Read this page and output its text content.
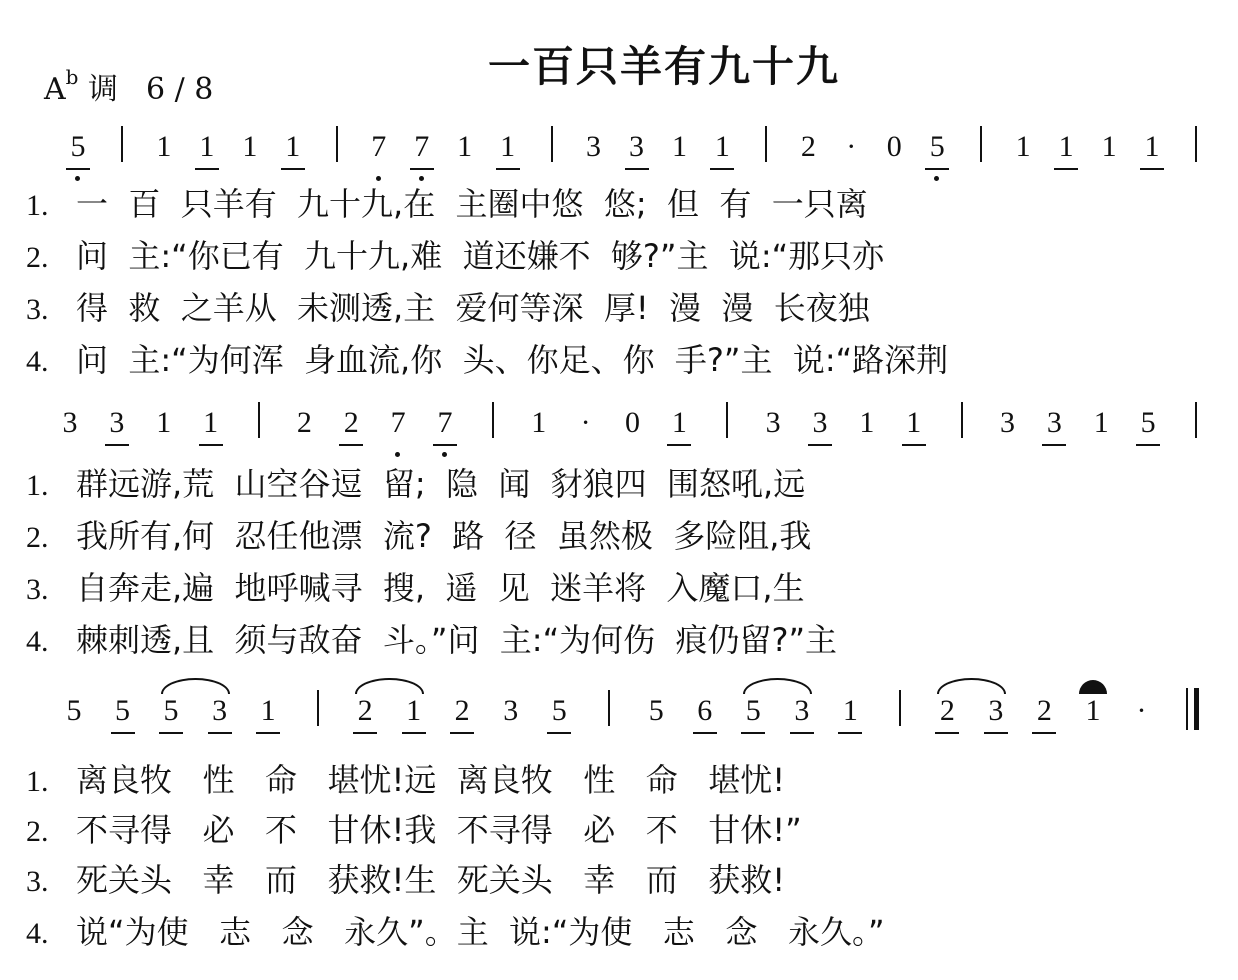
一百只羊有九十九
$A^b$ 调 6 / 8
5	1 1 1 1	7 7 1 1	3 3 1 1	2	·	0 5	1 1 1 1
1. 一  百  只羊有  九十九,在  主圈中悠  悠;  但  有  一只离
2. 问  主:“你已有  九十九,难  道还嫌不  够?”主  说:“那只亦
3. 得  救  之羊从  未测透,主  爱何等深  厚!  漫  漫  长夜独
4. 问  主:“为何浑  身血流,你  头、你足、你  手?”主  说:“路深荆
3	3	1	1	2	2	7	7	1	·	0	1	3	3	1	1	3	3	1	5
1. 群远游,荒  山空谷逗  留;  隐  闻  豺狼四  围怒吼,远
2. 我所有,何  忍任他漂  流?  路  径  虽然极  多险阻,我
3. 自奔走,遍  地呼喊寻  搜,  遥  见  迷羊将  入魔口,生
4. 棘刺透,且  须与敌奋  斗。”问  主:“为何伤  痕仍留?”主
5	5	5	3	1	2	1	2	3	5	5	6	5	3	1	2	3	2	1	·
1. 离良牧   性   命   堪忧!远  离良牧   性   命   堪忧!
2. 不寻得   必   不   甘休!我  不寻得   必   不   甘休!”
3. 死关头   幸   而   获救!生  死关头   幸   而   获救!
4. 说“为使   志   念   永久”。主  说:“为使   志   念   永久。”
